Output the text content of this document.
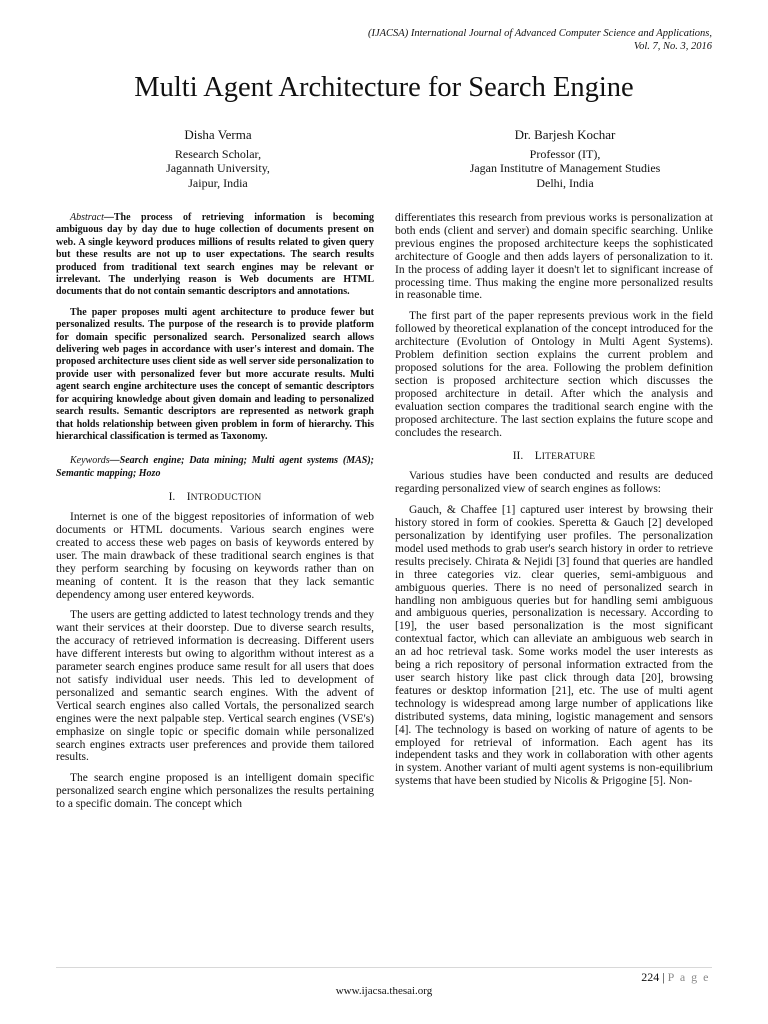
(IJACSA) International Journal of Advanced Computer Science and Applications,
Vol. 7, No. 3, 2016
Multi Agent Architecture for Search Engine
Disha Verma
Research Scholar,
Jagannath University,
Jaipur, India
Dr. Barjesh Kochar
Professor (IT),
Jagan Institutre of Management Studies
Delhi, India

Abstract—The process of retrieving information is becoming ambiguous day by day due to huge collection of documents present on web. A single keyword produces millions of results related to given query but these results are not up to user expectations. The search results produced from traditional text search engines may be relevant or irrelevant. The underlying reason is Web documents are HTML documents that do not contain semantic descriptors and annotations.

The paper proposes multi agent architecture to produce fewer but personalized results. The purpose of the research is to provide platform for domain specific personalized search. Personalized search allows delivering web pages in accordance with user's interest and domain. The proposed architecture uses client side as well server side personalization to provide user with personalized fever but more accurate results. Multi agent search engine architecture uses the concept of semantic descriptors for acquiring knowledge about given domain and leading to personalized search results. Semantic descriptors are represented as network graph that holds relationship between given problem in form of hierarchy. This hierarchical classification is termed as Taxonomy.

Keywords—Search engine; Data mining; Multi agent systems (MAS); Semantic mapping; Hozo

I. INTRODUCTION

Internet is one of the biggest repositories of information of web documents or HTML documents. Various search engines were created to access these web pages on basis of keywords entered by user. The main drawback of these traditional search engines is that they perform searching by focusing on keywords rather than on meaning of content. It is the reason that they lack semantic dependency among user entered keywords.

The users are getting addicted to latest technology trends and they want their services at their doorstep. Due to diverse search results, the accuracy of retrieved information is decreasing. Different users have different interests but owing to algorithm without interest as a parameter search engines produce same result for all users that does not satisfy individual user needs. This led to development of personalized and semantic search engines. With the advent of Vertical search engines also called Vortals, the personalized search engines were the next palpable step. Vertical search engines (VSE's) emphasize on single topic or specific domain while personalized search engines extracts user preferences and provide them tailored results.

The search engine proposed is an intelligent domain specific personalized search engine which personalizes the results pertaining to a specific domain. The concept which

differentiates this research from previous works is personalization at both ends (client and server) and domain specific searching. Unlike previous engines the proposed architecture keeps the sophisticated architecture of Google and then adds layers of personalization to it. In the process of adding layer it doesn't let to significant increase of processing time. Thus making the engine more personalized results in reasonable time.

The first part of the paper represents previous work in the field followed by theoretical explanation of the concept introduced for the architecture (Evolution of Ontology in Multi Agent Systems). Problem definition section explains the current problem and proposed solutions for the area. Following the problem definition section is proposed architecture section which discusses the proposed architecture in detail. After which the analysis and evaluation section compares the traditional search engine with the proposed architecture. The last section explains the future scope and concludes the research.

II. LITERATURE

Various studies have been conducted and results are deduced regarding personalized view of search engines as follows:

Gauch, & Chaffee [1] captured user interest by browsing their history stored in form of cookies. Speretta & Gauch [2] developed personalization by identifying user profiles. The personalization model used methods to grab user's search history in order to retrieve results precisely. Chirata & Nejidi [3] found that queries are handled in three categories viz. clear queries, semi-ambiguous and ambiguous queries. There is no need of personalized search in handling non ambiguous queries but for handling semi ambiguous and ambiguous queries, personalization is necessary. According to [19], the user based personalization is the most significant contextual factor, which can alleviate an ambiguous web search in an ad hoc retrieval task. Some works model the user interests as being a rich repository of personal information extracted from the user search history like past click through data [20], browsing features or desktop information [21], etc. The use of multi agent technology is widespread among large number of applications like distributed systems, data mining, logistic management and sensors [4]. The technology is based on working of nature of agents to be employed for retrieval of information. Each agent has its independent tasks and they work in collaboration with other agents in system. Another variant of multi agent systems is non-equilibrium systems that have been studied by Nicolis & Prigogine [5]. Non-

224 | P a g e
www.ijacsa.thesai.org
